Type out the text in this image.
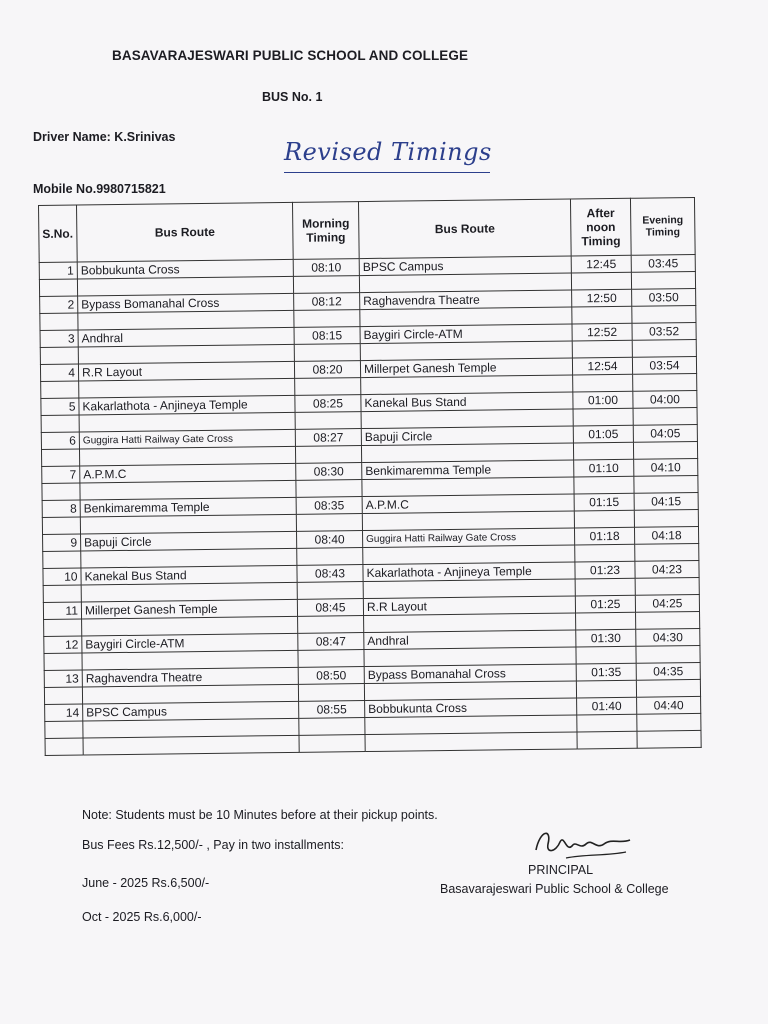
BASAVARAJESWARI PUBLIC SCHOOL AND COLLEGE
BUS No. 1
Driver Name: K.Srinivas
Revised Timings
Mobile No.9980715821
S.No.	Bus Route	Morning Timing	Bus Route	After noon Timing	Evening Timing
1	Bobbukunta Cross	08:10	BPSC Campus	12:45	03:45

2	Bypass Bomanahal Cross	08:12	Raghavendra Theatre	12:50	03:50

3	Andhral	08:15	Baygiri Circle-ATM	12:52	03:52

4	R.R Layout	08:20	Millerpet Ganesh Temple	12:54	03:54

5	Kakarlathota - Anjineya Temple	08:25	Kanekal Bus Stand	01:00	04:00

6	Guggira Hatti Railway Gate Cross	08:27	Bapuji Circle	01:05	04:05

7	A.P.M.C	08:30	Benkimaremma Temple	01:10	04:10

8	Benkimaremma Temple	08:35	A.P.M.C	01:15	04:15

9	Bapuji Circle	08:40	Guggira Hatti Railway Gate Cross	01:18	04:18

10	Kanekal Bus Stand	08:43	Kakarlathota - Anjineya Temple	01:23	04:23

11	Millerpet Ganesh Temple	08:45	R.R Layout	01:25	04:25

12	Baygiri Circle-ATM	08:47	Andhral	01:30	04:30

13	Raghavendra Theatre	08:50	Bypass Bomanahal Cross	01:35	04:35

14	BPSC Campus	08:55	Bobbukunta Cross	01:40	04:40

Note: Students must be 10 Minutes before at their pickup points.
Bus Fees Rs.12,500/- , Pay in two installments:
June - 2025 Rs.6,500/-
Oct - 2025 Rs.6,000/-
PRINCIPAL
Basavarajeswari Public School & College
